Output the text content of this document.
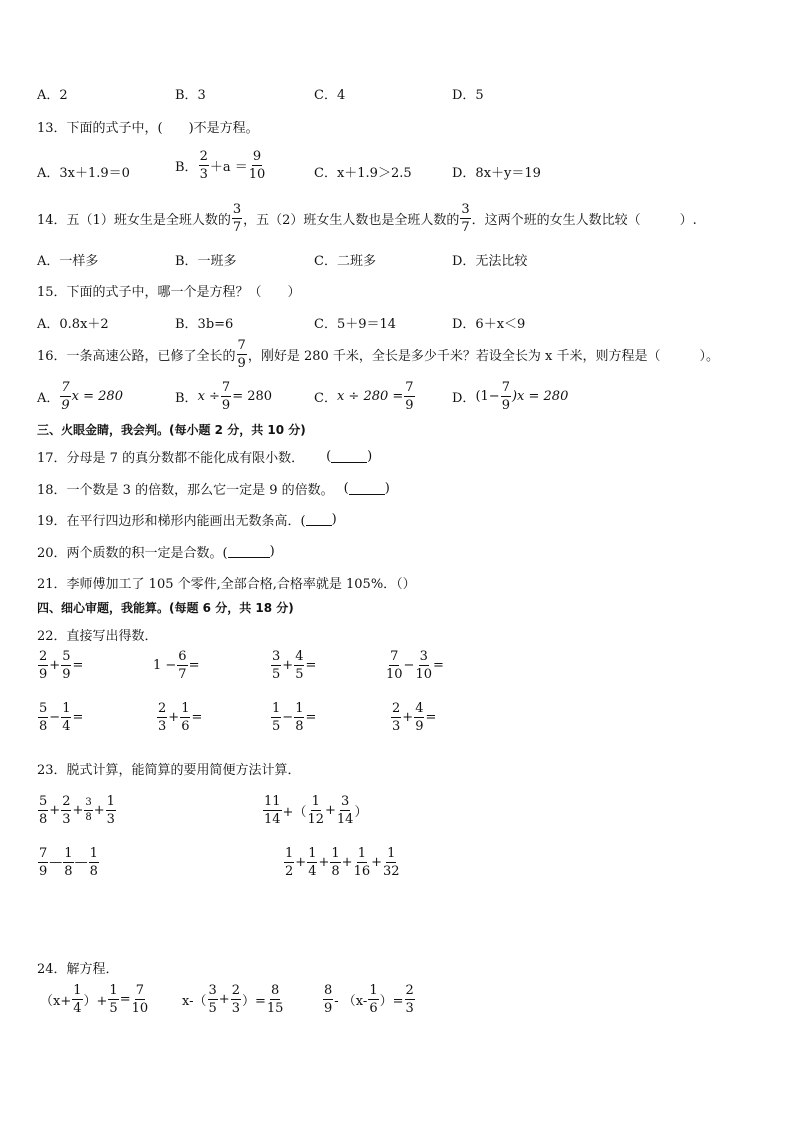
A．2	B．3	C．4	D．5
13．下面的式子中，(　　)不是方程。
A．3x＋1.9＝0	B． $\frac{2}{3} +a = \frac{9}{10}$	C．x＋1.9＞2.5	D．8x＋y＝19
14．五（1）班女生是全班人数的 $\frac{3}{7}$ ，五（2）班女生人数也是全班人数的 $\frac{3}{7}$ ．这两个班的女生人数比较（　　　）.
A．一样多	B．一班多	C．二班多	D．无法比较
15．下面的式子中，哪一个是方程？（　　）
A．0.8x＋2	B．3b=6	C．5＋9＝14	D．6＋x＜9
16．一条高速公路，已修了全长的 $\frac{7}{9}$ ，刚好是 280 千米，全长是多少千米？若设全长为 x 千米，则方程是（　　　）。
A． $\frac{7}{9}$ x = 280	B． $x \div \frac{7}{9} = 280$	C． $x \div 280 = \frac{7}{9}$	D． $(1- \frac{7}{9} )x = 280$
三、火眼金睛，我会判。(每小题 2 分，共 10 分)
17．分母是 7 的真分数都不能化成有限小数． (	)
18．一个数是 3 的倍数，那么它一定是 9 的倍数。 (	)
19．在平行四边形和梯形内能画出无数条高．( )
20．两个质数的积一定是合数。(	)
21．李师傅加工了 105 个零件,全部合格,合格率就是 105%．（）
四、细心审题，我能算。(每题 6 分，共 18 分)
22．直接写出得数．
$\frac{2}{9} + \frac{5}{9}$ =	$1 - \frac{6}{7}$ =	$\frac{3}{5} + \frac{4}{5}$ =	$\frac{7}{10} - \frac{3}{10}$ =
$\frac{5}{8} - \frac{1}{4}$ =	$\frac{2}{3} + \frac{1}{6}$ =	$\frac{1}{5} - \frac{1}{8}$ =	$\frac{2}{3} + \frac{4}{9}$ =
23．脱式计算，能简算的要用简便方法计算．
$\frac{5}{8} + \frac{2}{3} + \frac{3}{8} + \frac{1}{3}$	$\frac{11}{14}$ +（ $\frac{1}{12} + \frac{3}{14}$ ）
$\frac{7}{9}$ — $\frac{1}{8}$ — $\frac{1}{8}$	$\frac{1}{2} + \frac{1}{4} + \frac{1}{8} + \frac{1}{16} + \frac{1}{32}$
24．解方程．
（$x+ \frac{1}{4}$ ）+ $\frac{1}{5} = \frac{7}{10}$	$x-( \frac{3}{5} + \frac{2}{3}$ ）= $\frac{8}{15}$	$\frac{8}{9} - (x- \frac{1}{6}$ ）= $\frac{2}{3}$
